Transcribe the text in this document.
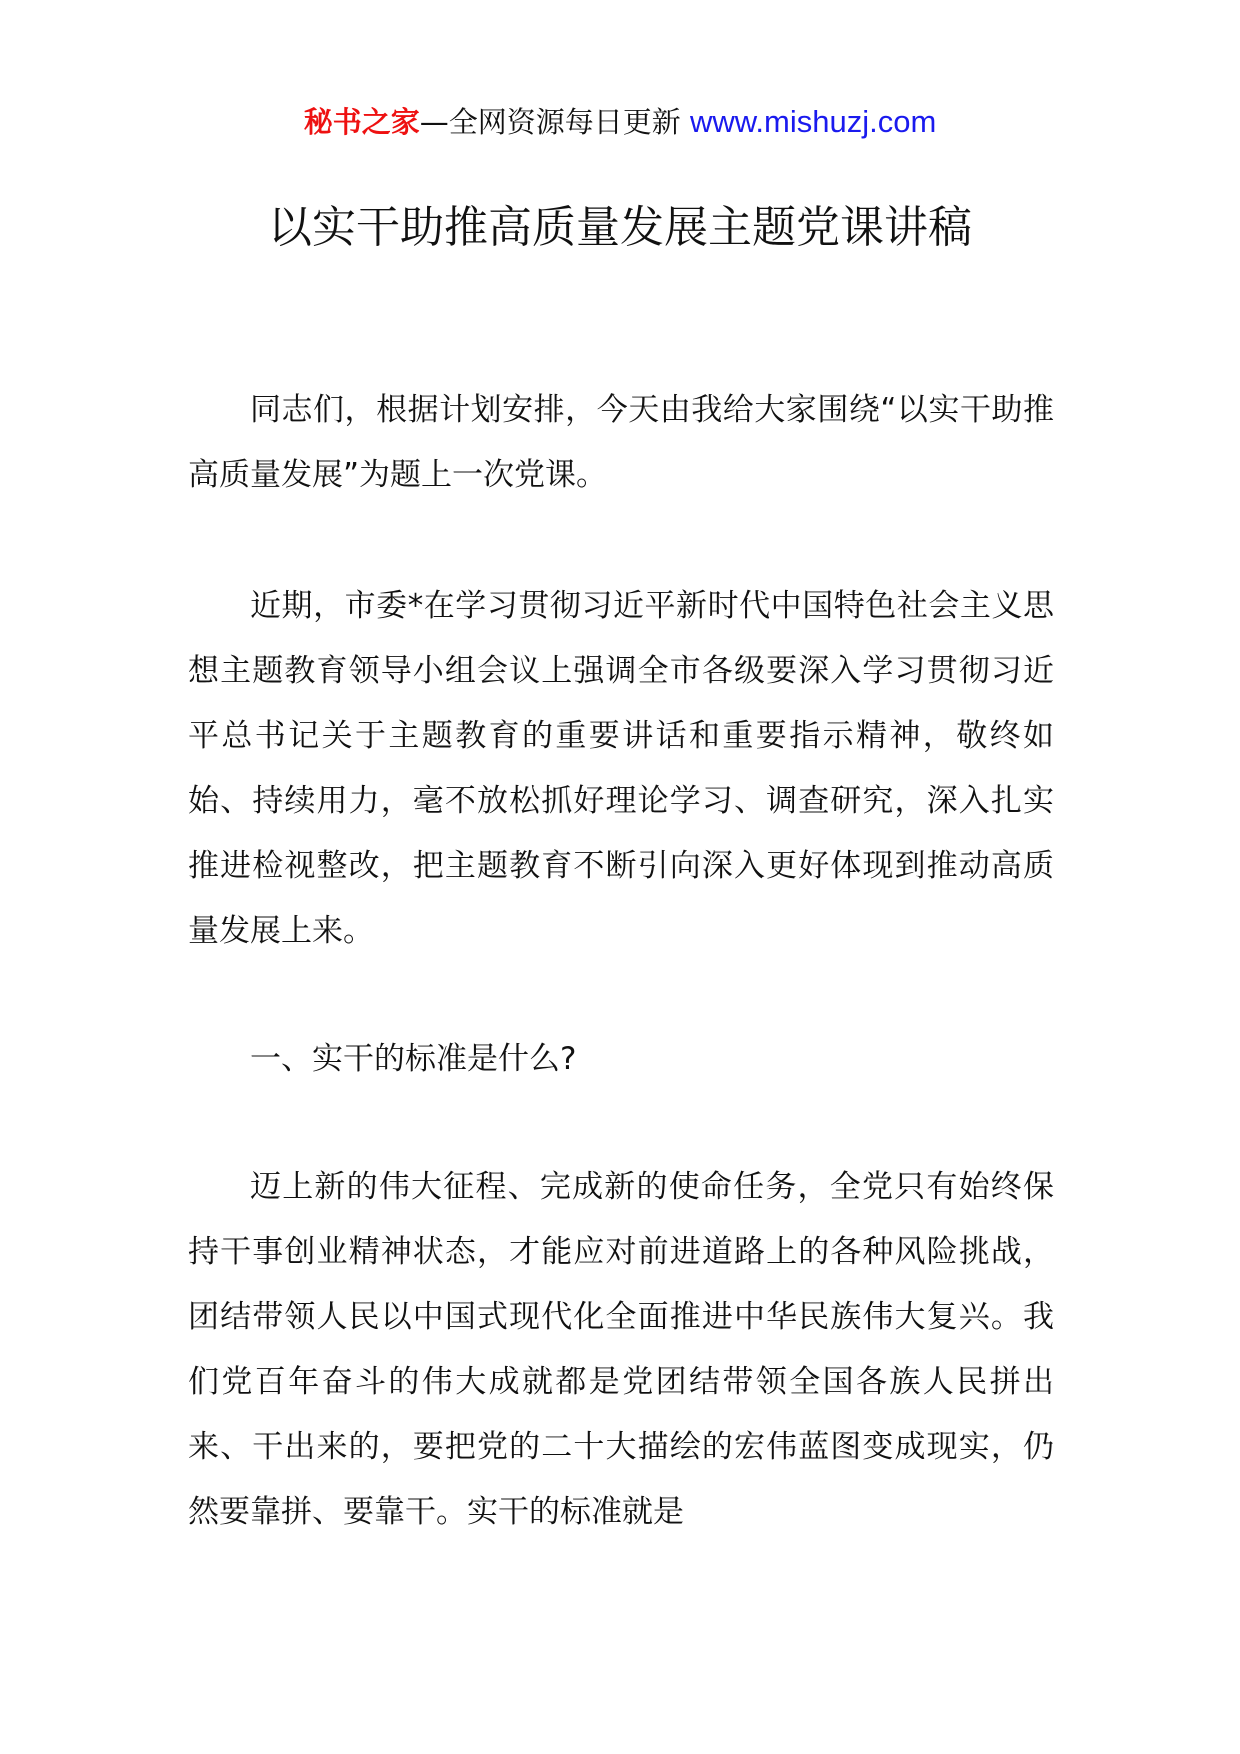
秘书之家—全网资源每日更新 www.mishuzj.com
以实干助推高质量发展主题党课讲稿

同志们，根据计划安排，今天由我给大家围绕“以实干助推高质量发展”为题上一次党课。

近期，市委*在学习贯彻习近平新时代中国特色社会主义思想主题教育领导小组会议上强调全市各级要深入学习贯彻习近平总书记关于主题教育的重要讲话和重要指示精神，敬终如始、持续用力，毫不放松抓好理论学习、调查研究，深入扎实推进检视整改，把主题教育不断引向深入更好体现到推动高质量发展上来。

一、实干的标准是什么?

迈上新的伟大征程、完成新的使命任务，全党只有始终保持干事创业精神状态，才能应对前进道路上的各种风险挑战，团结带领人民以中国式现代化全面推进中华民族伟大复兴。我们党百年奋斗的伟大成就都是党团结带领全国各族人民拼出来、干出来的，要把党的二十大描绘的宏伟蓝图变成现实，仍然要靠拼、要靠干。实干的标准就是
